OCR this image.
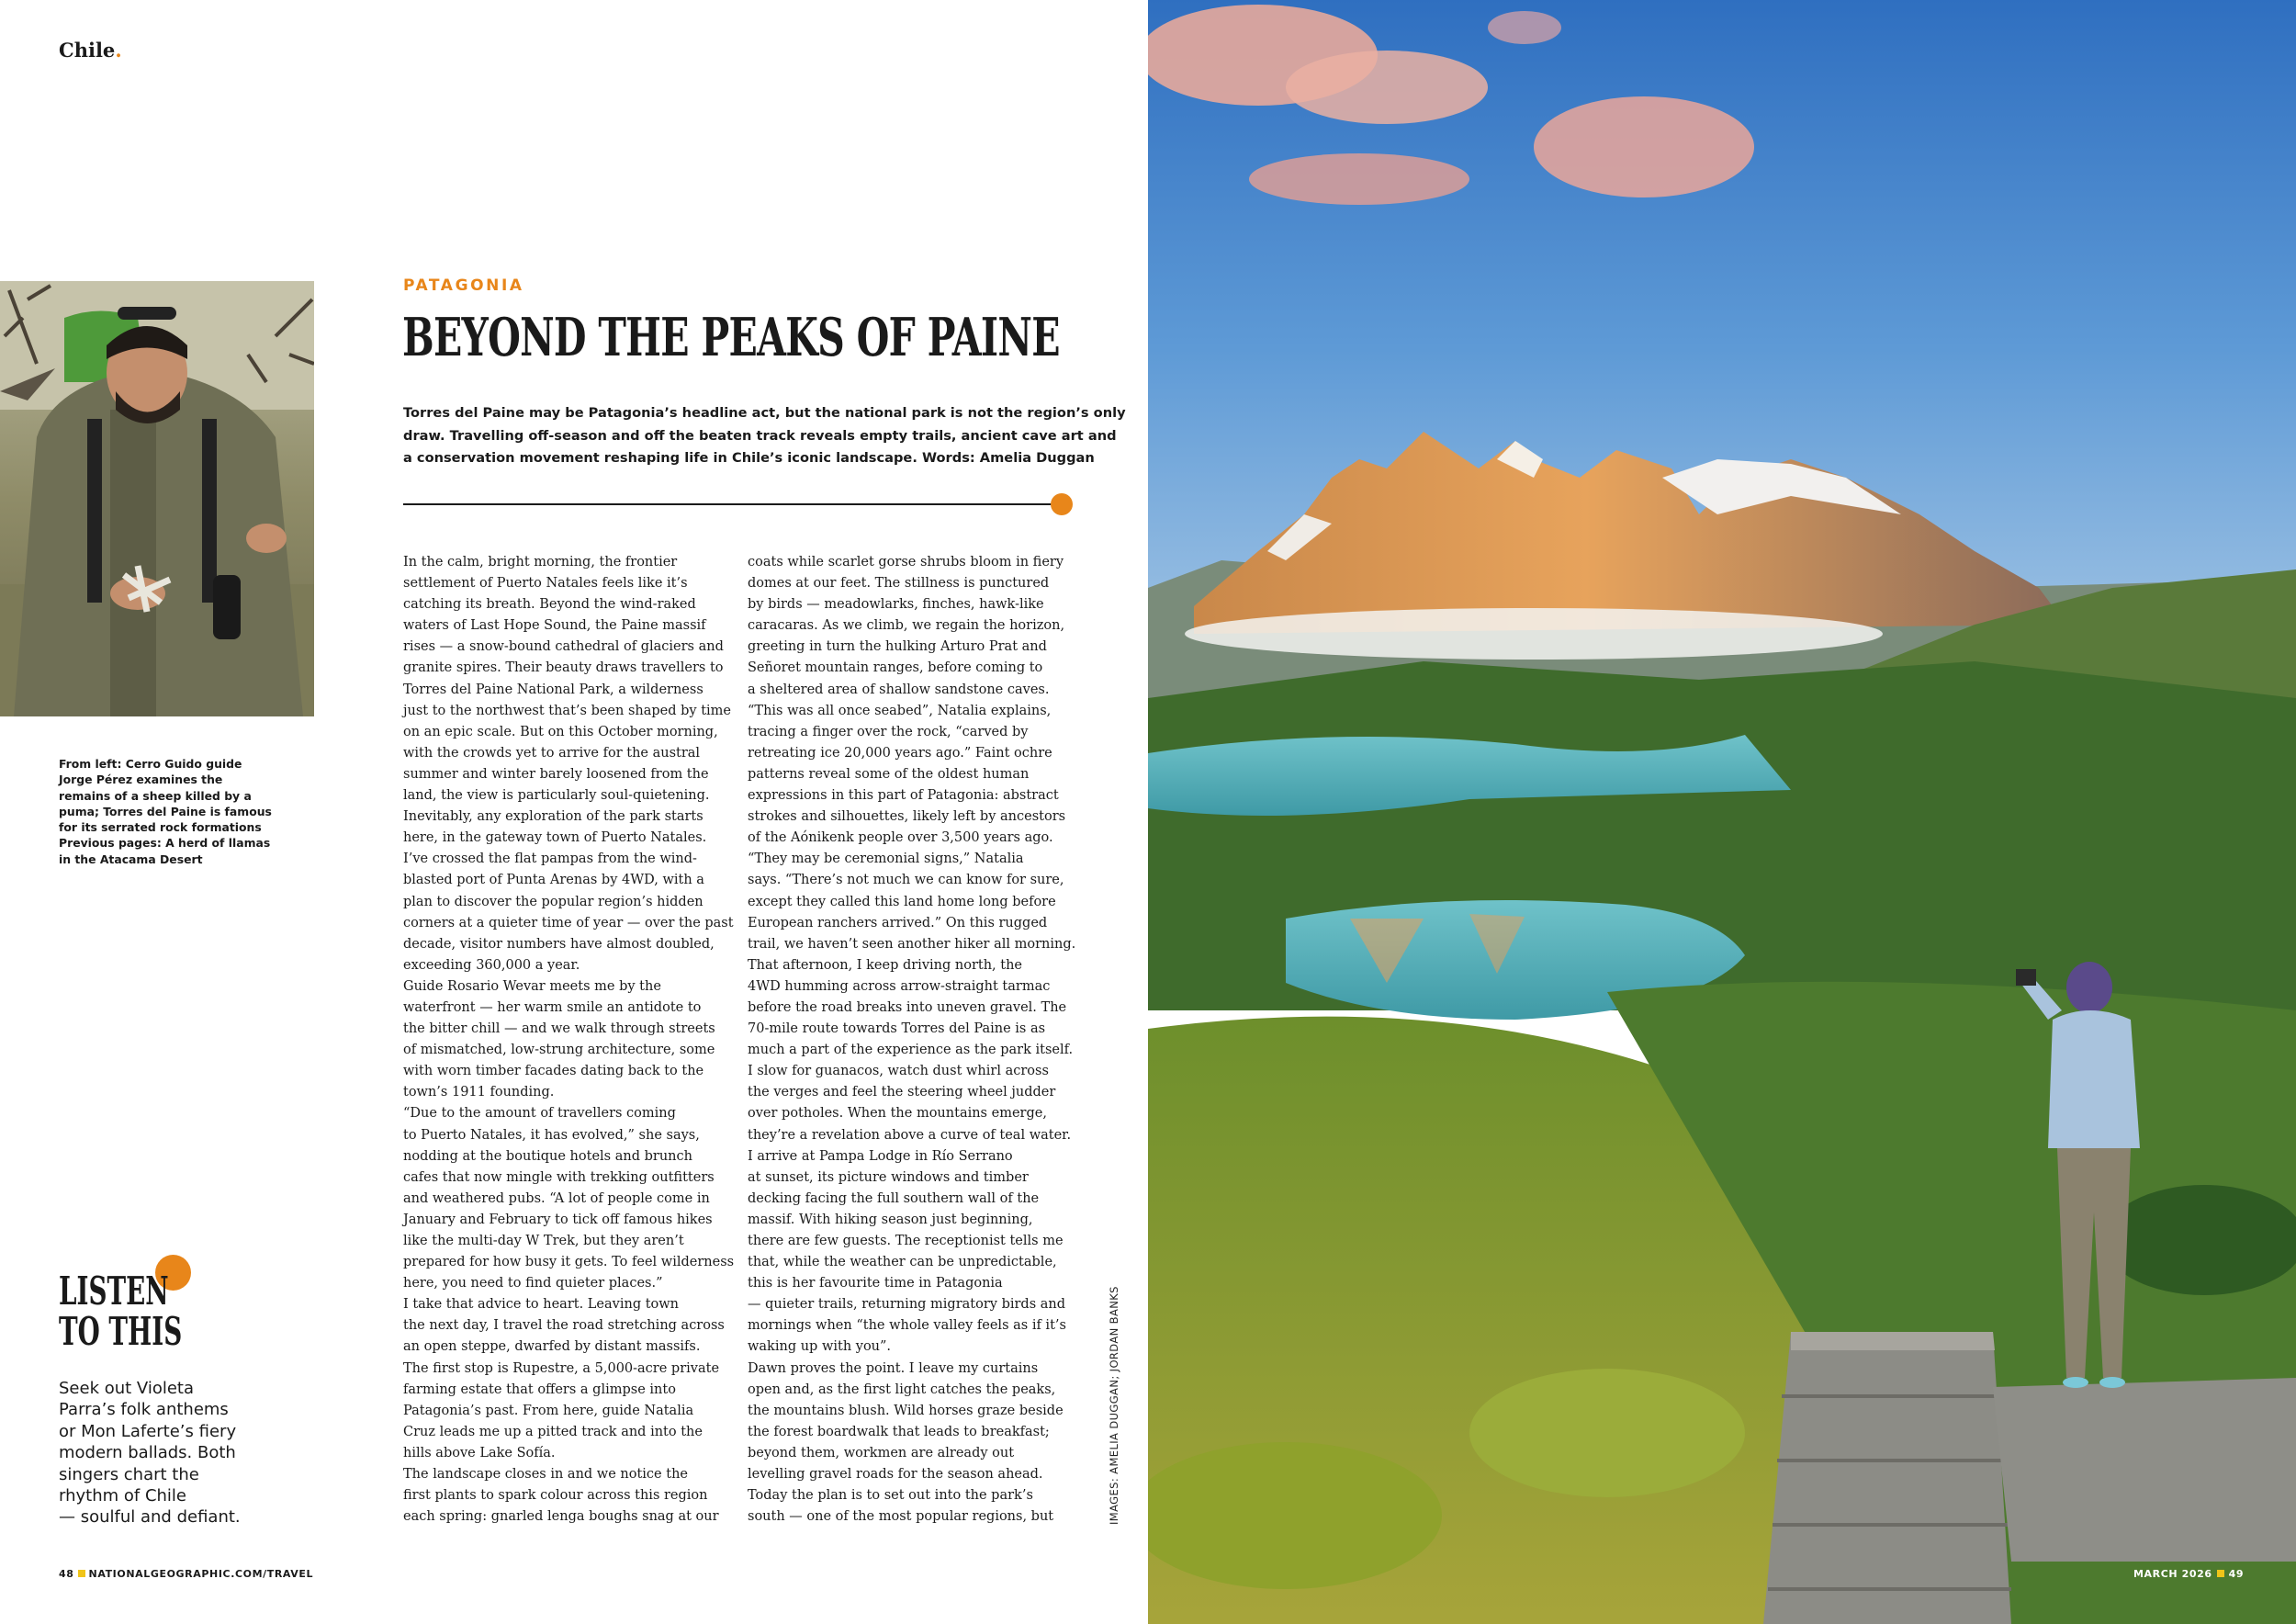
Chile.
From left: Cerro Guido guide
Jorge Pérez examines the
remains of a sheep killed by a
puma; Torres del Paine is famous
for its serrated rock formations
Previous pages: A herd of llamas
in the Atacama Desert
PATAGONIA
BEYOND THE PEAKS OF PAINE
Torres del Paine may be Patagonia’s headline act, but the national park is not the region’s only
draw. Travelling off-season and off the beaten track reveals empty trails, ancient cave art and
a conservation movement reshaping life in Chile’s iconic landscape. Words: Amelia Duggan
In the calm, bright morning, the frontier
settlement of Puerto Natales feels like it’s
catching its breath. Beyond the wind-raked
waters of Last Hope Sound, the Paine massif
rises — a snow-bound cathedral of glaciers and
granite spires. Their beauty draws travellers to
Torres del Paine National Park, a wilderness
just to the northwest that’s been shaped by time
on an epic scale. But on this October morning,
with the crowds yet to arrive for the austral
summer and winter barely loosened from the
land, the view is particularly soul-quietening.
Inevitably, any exploration of the park starts
here, in the gateway town of Puerto Natales.
I’ve crossed the flat pampas from the wind-
blasted port of Punta Arenas by 4WD, with a
plan to discover the popular region’s hidden
corners at a quieter time of year — over the past
decade, visitor numbers have almost doubled,
exceeding 360,000 a year.
Guide Rosario Wevar meets me by the
waterfront — her warm smile an antidote to
the bitter chill — and we walk through streets
of mismatched, low-strung architecture, some
with worn timber facades dating back to the
town’s 1911 founding.
“Due to the amount of travellers coming
to Puerto Natales, it has evolved,” she says,
nodding at the boutique hotels and brunch
cafes that now mingle with trekking outfitters
and weathered pubs. “A lot of people come in
January and February to tick off famous hikes
like the multi-day W Trek, but they aren’t
prepared for how busy it gets. To feel wilderness
here, you need to find quieter places.”
I take that advice to heart. Leaving town
the next day, I travel the road stretching across
an open steppe, dwarfed by distant massifs.
The first stop is Rupestre, a 5,000-acre private
farming estate that offers a glimpse into
Patagonia’s past. From here, guide Natalia
Cruz leads me up a pitted track and into the
hills above Lake Sofía.
The landscape closes in and we notice the
first plants to spark colour across this region
each spring: gnarled lenga boughs snag at our
coats while scarlet gorse shrubs bloom in fiery
domes at our feet. The stillness is punctured
by birds — meadowlarks, finches, hawk-like
caracaras. As we climb, we regain the horizon,
greeting in turn the hulking Arturo Prat and
Señoret mountain ranges, before coming to
a sheltered area of shallow sandstone caves.
“This was all once seabed”, Natalia explains,
tracing a finger over the rock, “carved by
retreating ice 20,000 years ago.” Faint ochre
patterns reveal some of the oldest human
expressions in this part of Patagonia: abstract
strokes and silhouettes, likely left by ancestors
of the Aónikenk people over 3,500 years ago.
“They may be ceremonial signs,” Natalia
says. “There’s not much we can know for sure,
except they called this land home long before
European ranchers arrived.” On this rugged
trail, we haven’t seen another hiker all morning.
That afternoon, I keep driving north, the
4WD humming across arrow-straight tarmac
before the road breaks into uneven gravel. The
70-mile route towards Torres del Paine is as
much a part of the experience as the park itself.
I slow for guanacos, watch dust whirl across
the verges and feel the steering wheel judder
over potholes. When the mountains emerge,
they’re a revelation above a curve of teal water.
I arrive at Pampa Lodge in Río Serrano
at sunset, its picture windows and timber
decking facing the full southern wall of the
massif. With hiking season just beginning,
there are few guests. The receptionist tells me
that, while the weather can be unpredictable,
this is her favourite time in Patagonia
— quieter trails, returning migratory birds and
mornings when “the whole valley feels as if it’s
waking up with you”.
Dawn proves the point. I leave my curtains
open and, as the first light catches the peaks,
the mountains blush. Wild horses graze beside
the forest boardwalk that leads to breakfast;
beyond them, workmen are already out
levelling gravel roads for the season ahead.
Today the plan is to set out into the park’s
south — one of the most popular regions, but
LISTEN
TO THIS
Seek out Violeta
Parra’s folk anthems
or Mon Laferte’s fiery
modern ballads. Both
singers chart the
rhythm of Chile
— soulful and defiant.
48 NATIONALGEOGRAPHIC.COM/TRAVEL
IMAGES: AMELIA DUGGAN; JORDAN BANKS
MARCH 2026 49
